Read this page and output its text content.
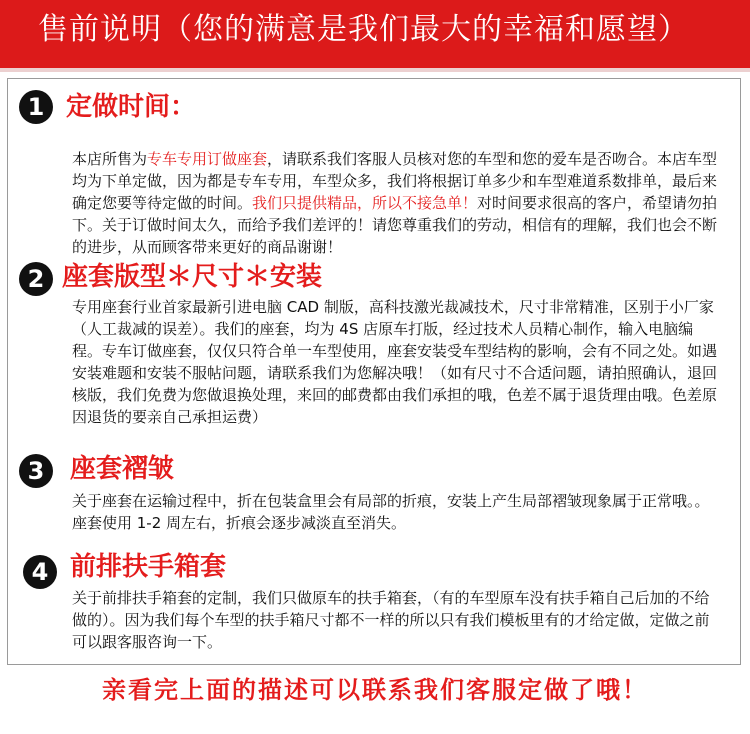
售前说明（您的满意是我们最大的幸福和愿望）
1 定做时间：

本店所售为专车专用订做座套，请联系我们客服人员核对您的车型和您的爱车是否吻合。本店车型均为下单定做，因为都是专车专用，车型众多，我们将根据订单多少和车型难道系数排单，最后来确定您要等待定做的时间。我们只提供精品，所以不接急单！对时间要求很高的客户，希望请勿拍下。关于订做时间太久，而给予我们差评的！请您尊重我们的劳动，相信有的理解，我们也会不断的进步，从而顾客带来更好的商品谢谢！

2 座套版型＊尺寸＊安装

专用座套行业首家最新引进电脑 CAD 制版，高科技激光裁减技术，尺寸非常精准，区别于小厂家（人工裁减的误差）。我们的座套，均为 4S 店原车打版，经过技术人员精心制作，输入电脑编程。专车订做座套，仅仅只符合单一车型使用，座套安装受车型结构的影响，会有不同之处。如遇安装难题和安装不服帖问题，请联系我们为您解决哦！（如有尺寸不合适问题，请拍照确认，退回核版，我们免费为您做退换处理，来回的邮费都由我们承担的哦，色差不属于退货理由哦。色差原因退货的要亲自己承担运费）

3 座套褶皱

关于座套在运输过程中，折在包装盒里会有局部的折痕，安装上产生局部褶皱现象属于正常哦。。座套使用 1-2 周左右，折痕会逐步减淡直至消失。

4 前排扶手箱套

关于前排扶手箱套的定制，我们只做原车的扶手箱套，（有的车型原车没有扶手箱自己后加的不给做的）。因为我们每个车型的扶手箱尺寸都不一样的所以只有我们模板里有的才给定做，定做之前可以跟客服咨询一下。

亲看完上面的描述可以联系我们客服定做了哦！
